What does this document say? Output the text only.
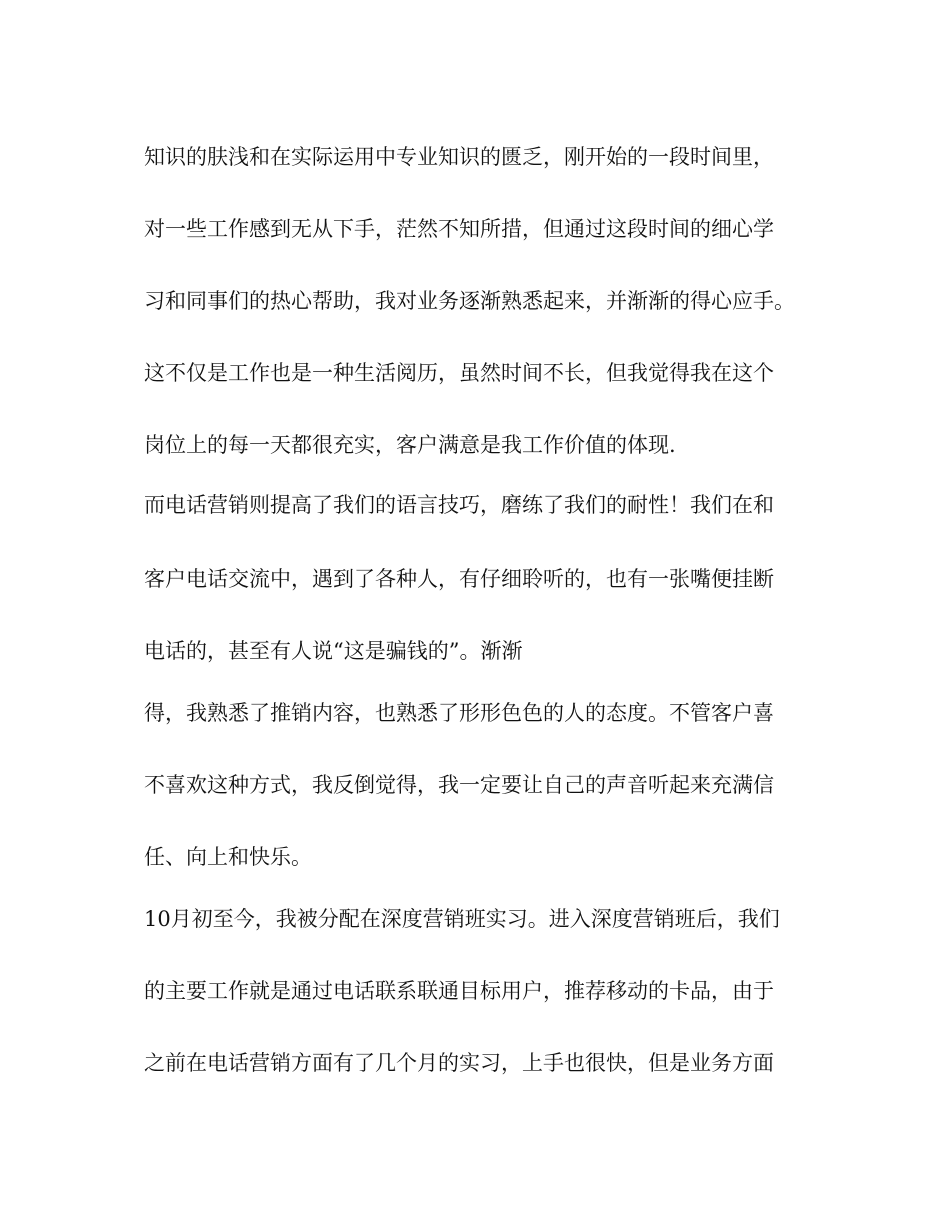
知识的肤浅和在实际运用中专业知识的匮乏，刚开始的一段时间里，

对一些工作感到无从下手，茫然不知所措，但通过这段时间的细心学

习和同事们的热心帮助，我对业务逐渐熟悉起来，并渐渐的得心应手。

这不仅是工作也是一种生活阅历，虽然时间不长，但我觉得我在这个

岗位上的每一天都很充实，客户满意是我工作价值的体现.

而电话营销则提高了我们的语言技巧，磨练了我们的耐性！我们在和

客户电话交流中，遇到了各种人，有仔细聆听的，也有一张嘴便挂断

电话的，甚至有人说“这是骗钱的”。渐渐

得，我熟悉了推销内容，也熟悉了形形色色的人的态度。不管客户喜

不喜欢这种方式，我反倒觉得，我一定要让自己的声音听起来充满信

任、向上和快乐。

10月初至今，我被分配在深度营销班实习。进入深度营销班后，我们

的主要工作就是通过电话联系联通目标用户，推荐移动的卡品，由于

之前在电话营销方面有了几个月的实习，上手也很快，但是业务方面
